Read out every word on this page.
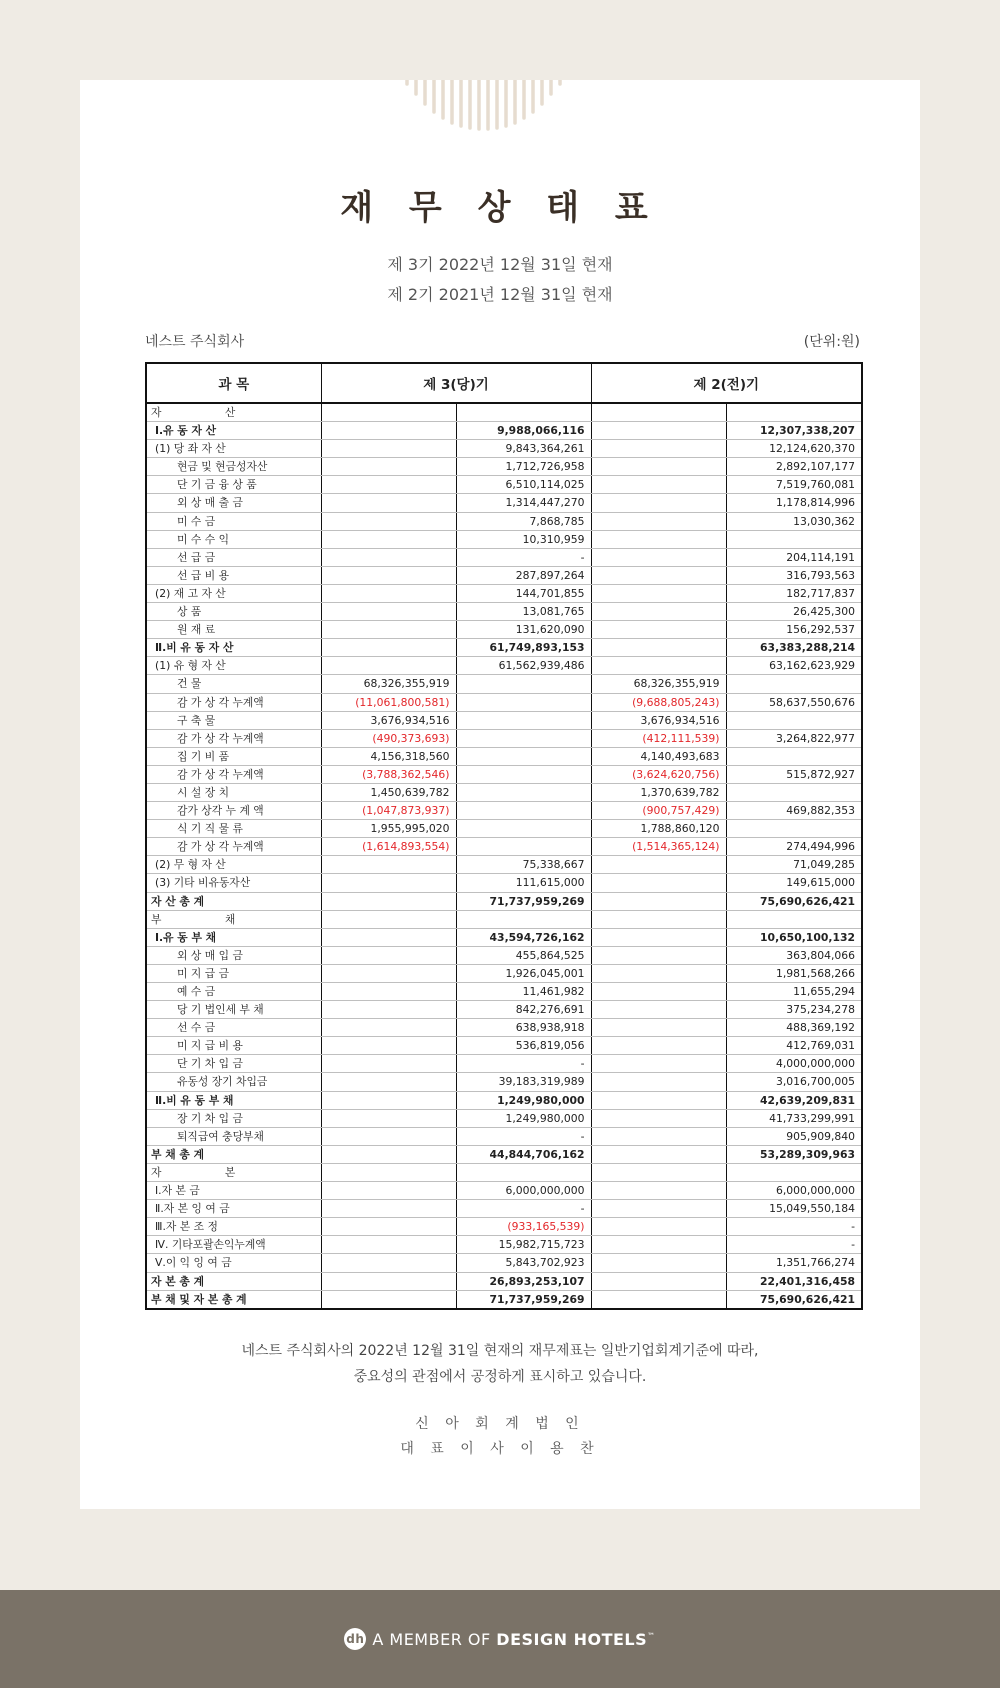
재 무 상 태 표
제 3기 2022년 12월 31일 현재
제 2기 2021년 12월 31일 현재
네스트 주식회사	(단위:원)
과 목	제 3(당)기		제 2(전)기	
자 산				
Ⅰ.유 동 자 산		9,988,066,116		12,307,338,207
(1) 당 좌 자 산		9,843,364,261		12,124,620,370
현금 및 현금성자산		1,712,726,958		2,892,107,177
단 기 금 융 상 품		6,510,114,025		7,519,760,081
외 상 매 출 금		1,314,447,270		1,178,814,996
미 수 금		7,868,785		13,030,362
미 수 수 익		10,310,959		
선 급 금		-		204,114,191
선 급 비 용		287,897,264		316,793,563
(2) 재 고 자 산		144,701,855		182,717,837
상 품		13,081,765		26,425,300
원 재 료		131,620,090		156,292,537
Ⅱ.비 유 동 자 산		61,749,893,153		63,383,288,214
(1) 유 형 자 산		61,562,939,486		63,162,623,929
건 물	68,326,355,919		68,326,355,919	
감 가 상 각 누계액	(11,061,800,581)		(9,688,805,243)	58,637,550,676
구 축 물	3,676,934,516		3,676,934,516	
감 가 상 각 누계액	(490,373,693)		(412,111,539)	3,264,822,977
집 기 비 품	4,156,318,560		4,140,493,683	
감 가 상 각 누계액	(3,788,362,546)		(3,624,620,756)	515,872,927
시 설 장 치	1,450,639,782		1,370,639,782	
감가 상각 누 계 액	(1,047,873,937)		(900,757,429)	469,882,353
식 기 직 물 류	1,955,995,020		1,788,860,120	
감 가 상 각 누계액	(1,614,893,554)		(1,514,365,124)	274,494,996
(2) 무 형 자 산		75,338,667		71,049,285
(3) 기타 비유동자산		111,615,000		149,615,000
자 산 총 계		71,737,959,269		75,690,626,421
부 채				
Ⅰ.유 동 부 채		43,594,726,162		10,650,100,132
외 상 매 입 금		455,864,525		363,804,066
미 지 급 금		1,926,045,001		1,981,568,266
예 수 금		11,461,982		11,655,294
당 기 법인세 부 채		842,276,691		375,234,278
선 수 금		638,938,918		488,369,192
미 지 급 비 용		536,819,056		412,769,031
단 기 차 입 금		-		4,000,000,000
유동성 장기 차입금		39,183,319,989		3,016,700,005
Ⅱ.비 유 동 부 채		1,249,980,000		42,639,209,831
장 기 차 입 금		1,249,980,000		41,733,299,991
퇴직급여 충당부채		-		905,909,840
부 채 총 계		44,844,706,162		53,289,309,963
자 본				
Ⅰ.자 본 금		6,000,000,000		6,000,000,000
Ⅱ.자 본 잉 여 금		-		15,049,550,184
Ⅲ.자 본 조 정		(933,165,539)		-
Ⅳ. 기타포괄손익누계액		15,982,715,723		-
Ⅴ.이 익 잉 여 금		5,843,702,923		1,351,766,274
자 본 총 계		26,893,253,107		22,401,316,458
부 채 및 자 본 총 계		71,737,959,269		75,690,626,421
네스트 주식회사의 2022년 12월 31일 현재의 재무제표는 일반기업회계기준에 따라,
중요성의 관점에서 공정하게 표시하고 있습니다.
신 아 회 계 법 인
대 표 이 사 이 용 찬
dh A MEMBER OF DESIGN HOTELS™
